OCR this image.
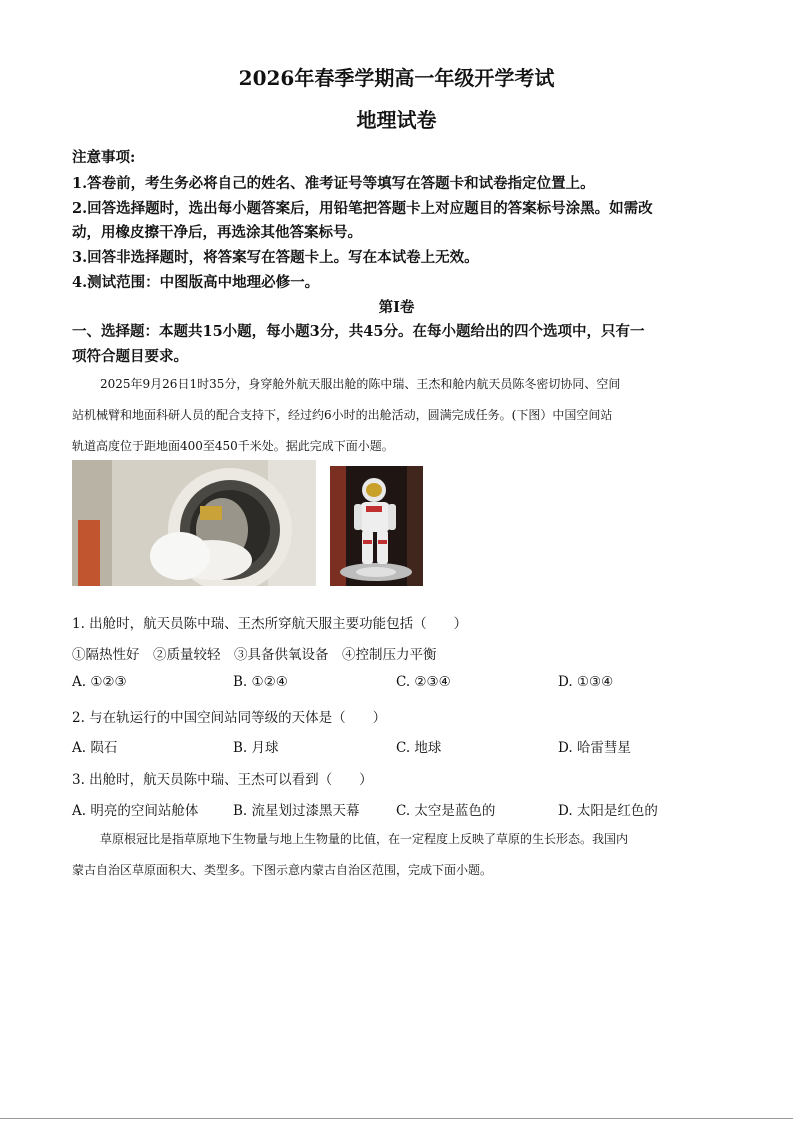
2026年春季学期高一年级开学考试
地理试卷
注意事项:
1.答卷前，考生务必将自己的姓名、准考证号等填写在答题卡和试卷指定位置上。
2.回答选择题时，选出每小题答案后，用铅笔把答题卡上对应题目的答案标号涂黑。如需改
动，用橡皮擦干净后，再选涂其他答案标号。
3.回答非选择题时，将答案写在答题卡上。写在本试卷上无效。
4.测试范围：中图版高中地理必修一。
第Ⅰ卷
一、选择题：本题共15小题，每小题3分，共45分。在每小题给出的四个选项中，只有一
项符合题目要求。
2025年9月26日1时35分，身穿舱外航天服出舱的陈中瑞、王杰和舱内航天员陈冬密切协同、空间
站机械臂和地面科研人员的配合支持下，经过约6小时的出舱活动，圆满完成任务。(下图）中国空间站
轨道高度位于距地面400至450千米处。据此完成下面小题。
1. 出舱时，航天员陈中瑞、王杰所穿航天服主要功能包括（　　）
①隔热性好　②质量较轻　③具备供氧设备　④控制压力平衡
A. ①②③	B. ①②④	C. ②③④	D. ①③④
2. 与在轨运行的中国空间站同等级的天体是（　　）
A. 陨石	B. 月球	C. 地球	D. 哈雷彗星
3. 出舱时，航天员陈中瑞、王杰可以看到（　　）
A. 明亮的空间站舱体	B. 流星划过漆黑天幕	C. 太空是蓝色的	D. 太阳是红色的
草原根冠比是指草原地下生物量与地上生物量的比值，在一定程度上反映了草原的生长形态。我国内
蒙古自治区草原面积大、类型多。下图示意内蒙古自治区范围，完成下面小题。
